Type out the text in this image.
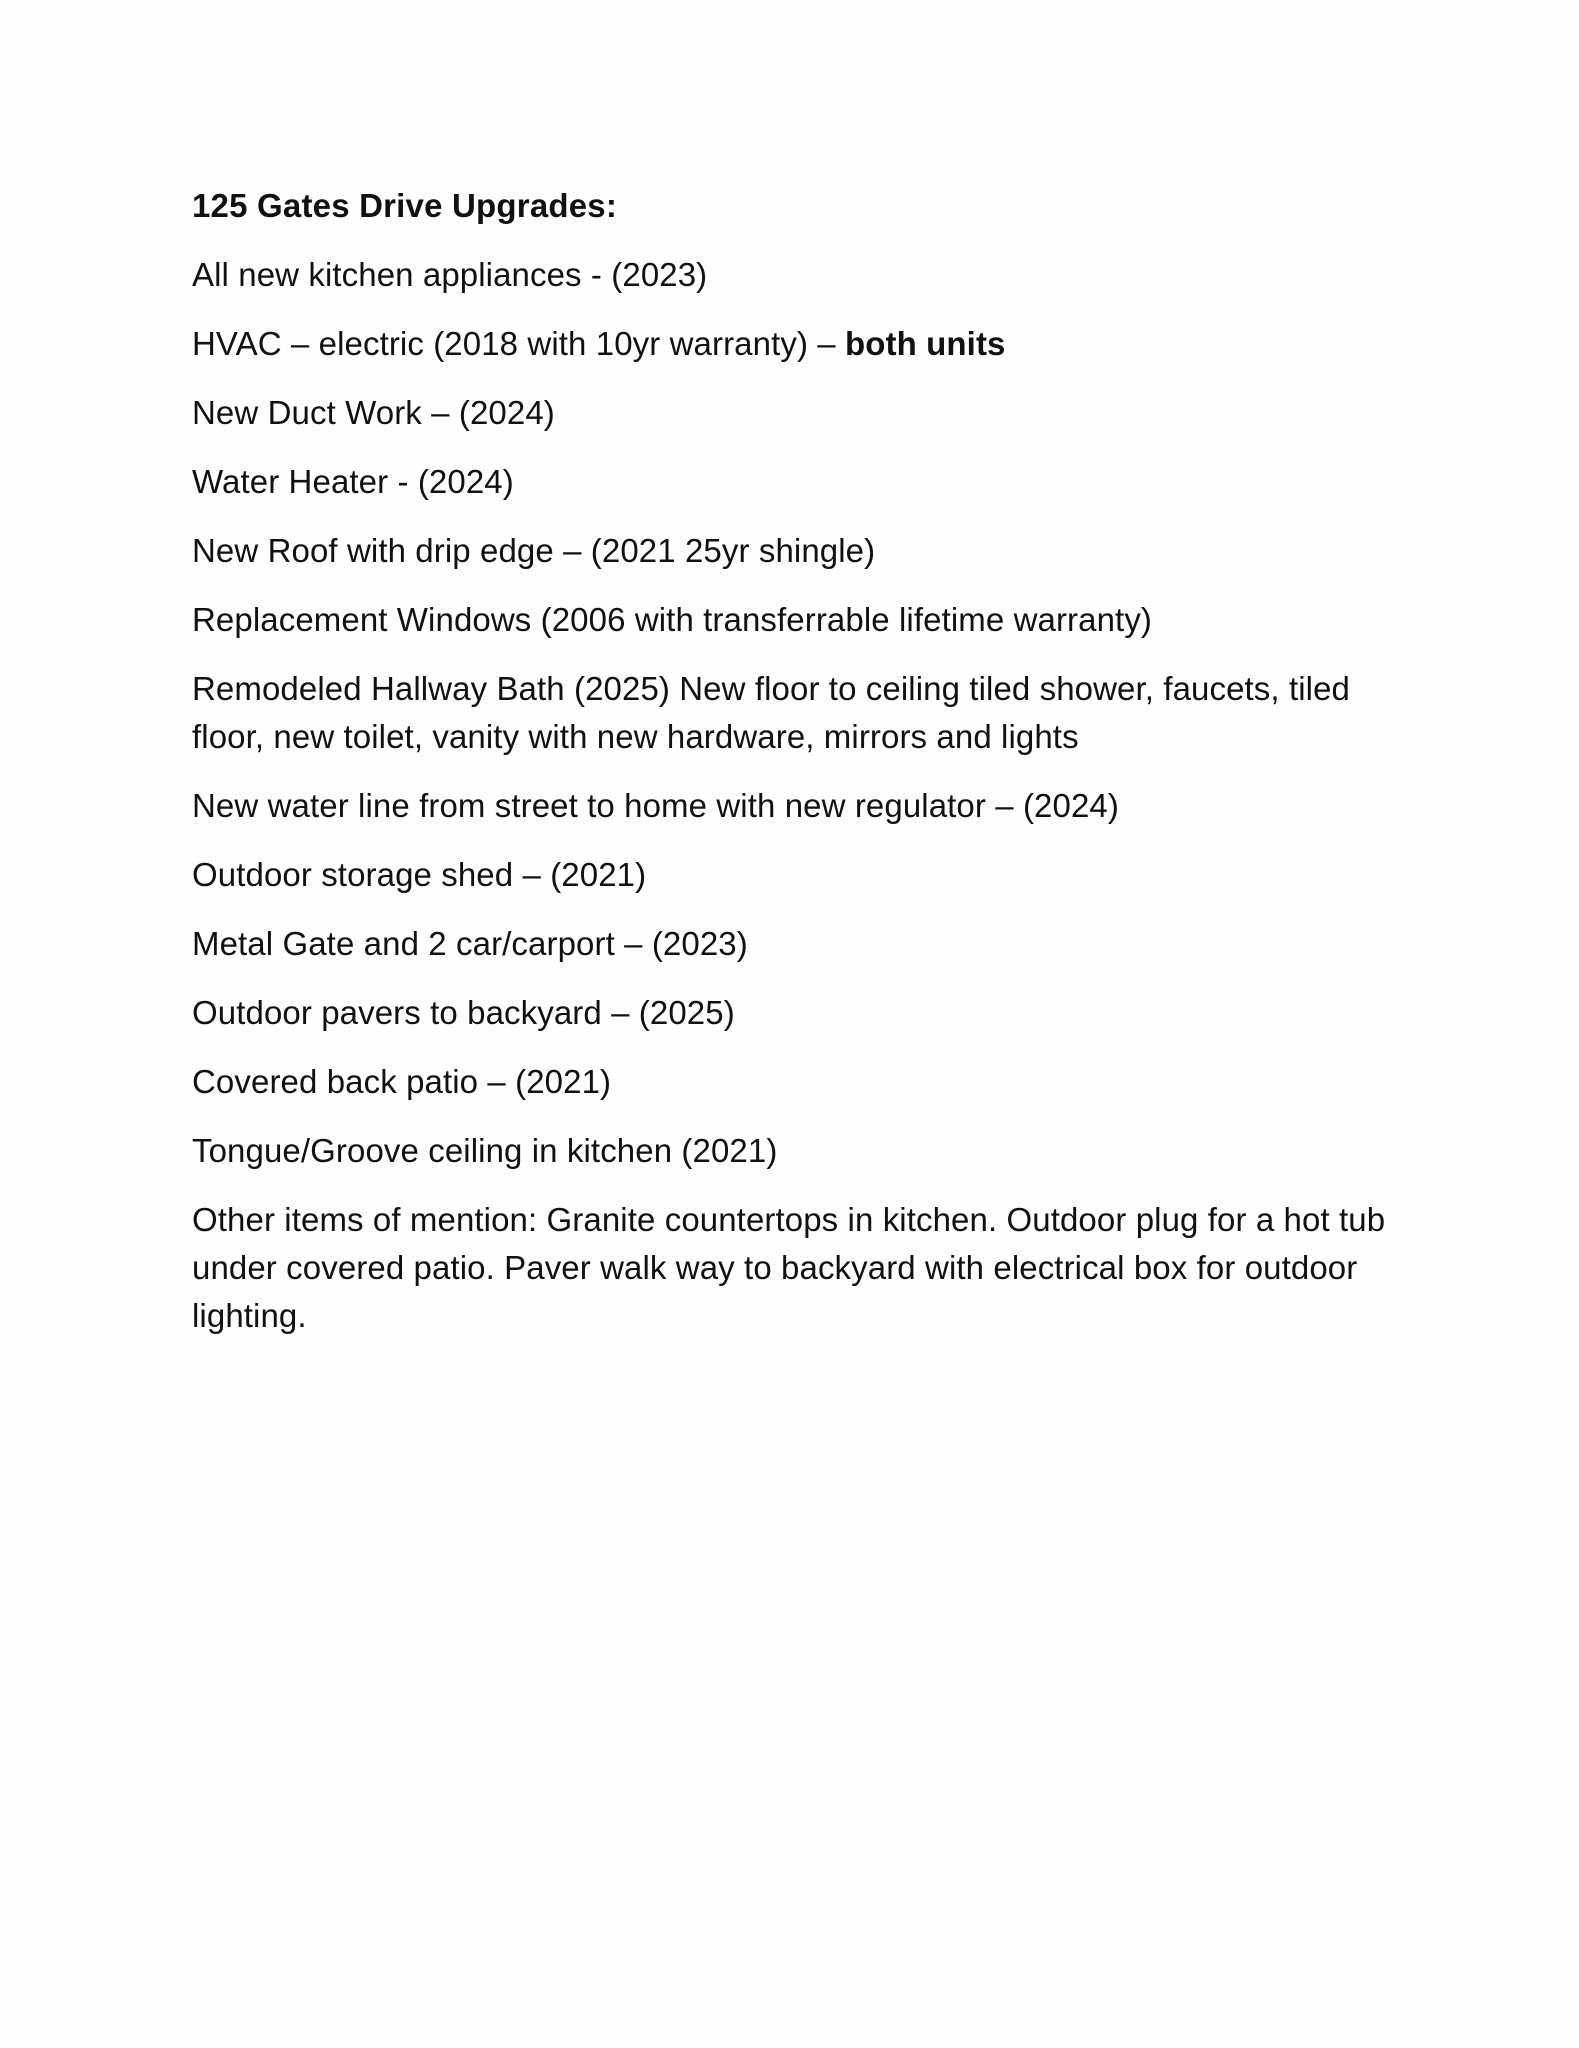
125 Gates Drive Upgrades:
All new kitchen appliances - (2023)
HVAC – electric (2018 with 10yr warranty) – both units
New Duct Work – (2024)
Water Heater - (2024)
New Roof with drip edge – (2021 25yr shingle)
Replacement Windows (2006 with transferrable lifetime warranty)
Remodeled Hallway Bath (2025) New floor to ceiling tiled shower, faucets, tiled floor, new toilet, vanity with new hardware, mirrors and lights
New water line from street to home with new regulator – (2024)
Outdoor storage shed – (2021)
Metal Gate and 2 car/carport – (2023)
Outdoor pavers to backyard – (2025)
Covered back patio – (2021)
Tongue/Groove ceiling in kitchen (2021)
Other items of mention: Granite countertops in kitchen. Outdoor plug for a hot tub under covered patio. Paver walk way to backyard with electrical box for outdoor lighting.
